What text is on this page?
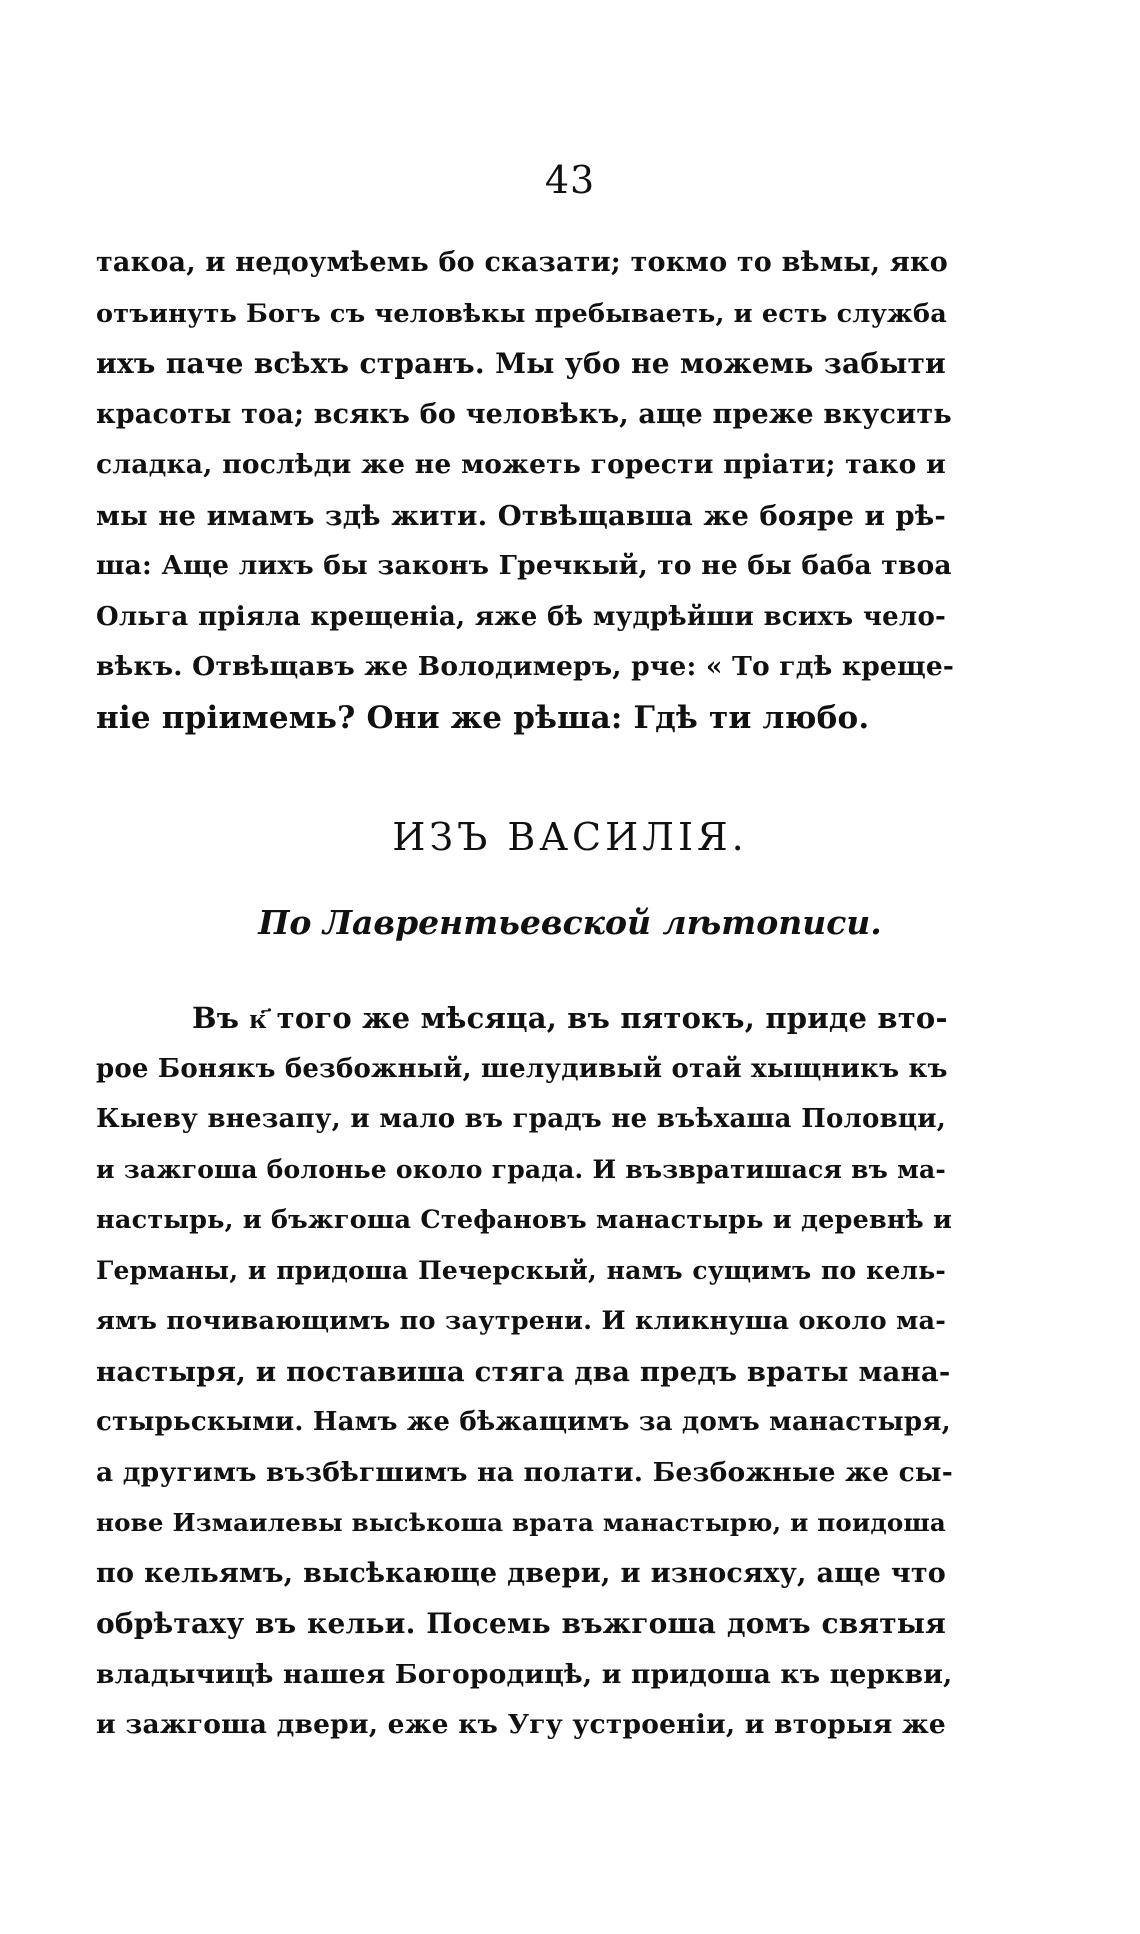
43
такоа, и недоумѣемь бо сказати; токмо то вѣмы, яко
отъинуть Богъ съ человѣкы пребываеть, и есть служба
ихъ паче всѣхъ странъ. Мы убо не можемь забыти
красоты тоа; всякъ бо человѣкъ, аще преже вкусить
сладка, послѣди же не можеть горести пріати; тако и
мы не имамъ здѣ жити. Отвѣщавша же бояре и рѣ-
ша: Аще лихъ бы законъ Гречкый, то не бы баба твоа
Ольга пріяла крещеніа, яже бѣ мудрѣйши всихъ чело-
вѣкъ. Отвѣщавъ же Володимеръ, рче: « То гдѣ креще-
ніе пріимемь? Они же рѣша: Гдѣ ти любо.
ИЗЪ ВАСИЛІЯ.
По Лаврентьевской лѣтописи.
Въ к҃ того же мѣсяца, въ пятокъ, приде вто-
рое Бонякъ безбожный, шелудивый отай хыщникъ къ
Кыеву внезапу, и мало въ градъ не въѣхаша Половци,
и зажгоша болонье около града. И възвратишася въ ма-
настырь, и бъжгоша Стефановъ манастырь и деревнѣ и
Германы, и придоша Печерскый, намъ сущимъ по кель-
ямъ почивающимъ по заутрени. И кликнуша около ма-
настыря, и поставиша стяга два предъ враты мана-
стырьскыми. Намъ же бѣжащимъ за домъ манастыря,
а другимъ възбѣгшимъ на полати. Безбожные же сы-
нове Измаилевы высѣкоша врата манастырю, и поидоша
по кельямъ, высѣкающе двери, и износяху, аще что
обрѣтаху въ кельи. Посемь въжгоша домъ святыя
владычицѣ нашея Богородицѣ, и придоша къ церкви,
и зажгоша двери, еже къ Угу устроеніи, и вторыя же
